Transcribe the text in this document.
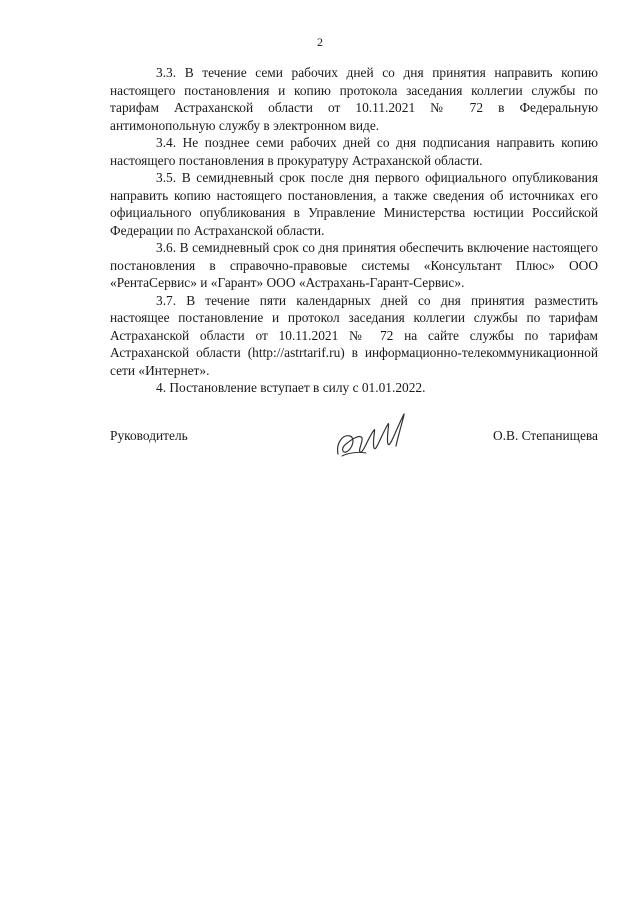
2

3.3. В течение семи рабочих дней со дня принятия направить копию настоящего постановления и копию протокола заседания коллегии службы по тарифам Астраханской области от 10.11.2021 № 72 в Федеральную антимонопольную службу в электронном виде.

3.4. Не позднее семи рабочих дней со дня подписания направить копию настоящего постановления в прокуратуру Астраханской области.

3.5. В семидневный срок после дня первого официального опубликования направить копию настоящего постановления, а также сведения об источниках его официального опубликования в Управление Министерства юстиции Российской Федерации по Астраханской области.

3.6. В семидневный срок со дня принятия обеспечить включение настоящего постановления в справочно-правовые системы «Консультант Плюс» ООО «РентаСервис» и «Гарант» ООО «Астрахань-Гарант-Сервис».

3.7. В течение пяти календарных дней со дня принятия разместить настоящее постановление и протокол заседания коллегии службы по тарифам Астраханской области от 10.11.2021 № 72 на сайте службы по тарифам Астраханской области (http://astrtarif.ru) в информационно-телекоммуникационной сети «Интернет».

4. Постановление вступает в силу с 01.01.2022.

Руководитель	О.В. Степанищева
